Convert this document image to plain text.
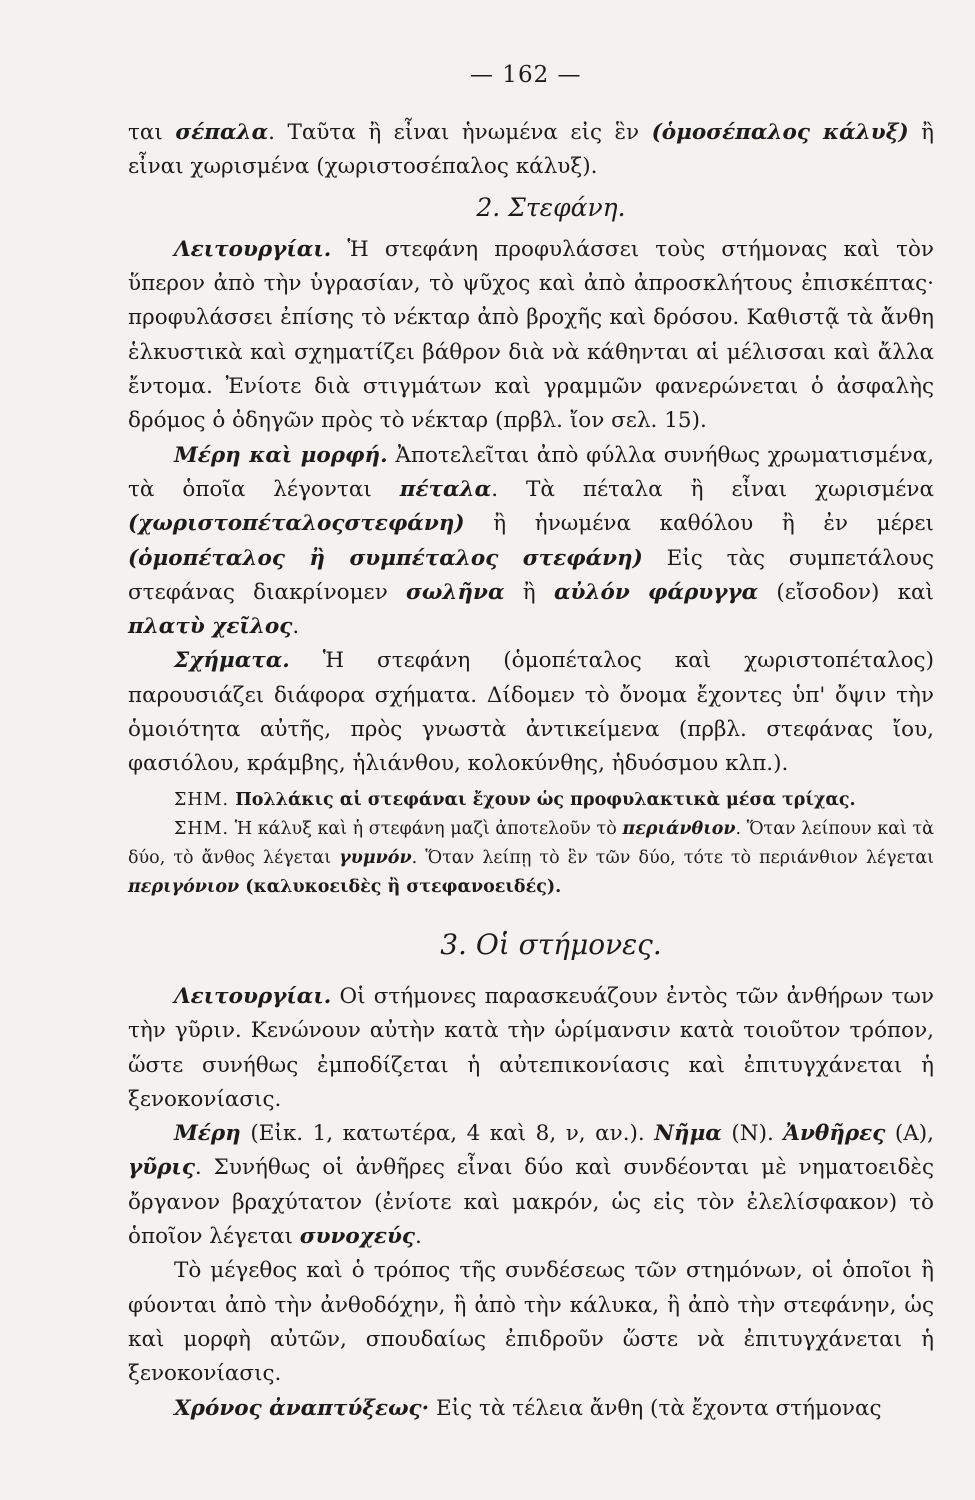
— 162 —

ται σέπαλα. Ταῦτα ἢ εἶναι ἡνωμένα εἰς ἓν (ὁμοσέπαλος κάλυξ) ἢ εἶναι χωρισμένα (χωριστοσέπαλος κάλυξ).

2. Στεφάνη.

Λειτουργίαι. Ἡ στεφάνη προφυλάσσει τοὺς στήμονας καὶ τὸν ὕπερον ἀπὸ τὴν ὑγρασίαν, τὸ ψῦχος καὶ ἀπὸ ἀπροσκλήτους ἐπισκέπτας· προφυλάσσει ἐπίσης τὸ νέκταρ ἀπὸ βροχῆς καὶ δρόσου. Καθιστᾷ τὰ ἄνθη ἑλκυστικὰ καὶ σχηματίζει βάθρον διὰ νὰ κάθηνται αἱ μέλισσαι καὶ ἄλλα ἔντομα. Ἐνίοτε διὰ στιγμάτων καὶ γραμμῶν φανερώνεται ὁ ἀσφαλὴς δρόμος ὁ ὁδηγῶν πρὸς τὸ νέκταρ (πρβλ. ἴον σελ. 15).

Μέρη καὶ μορφή. Ἀποτελεῖται ἀπὸ φύλλα συνήθως χρωματισμένα, τὰ ὁποῖα λέγονται πέταλα. Τὰ πέταλα ἢ εἶναι χωρισμένα (χωριστοπέταλοςστεφάνη) ἢ ἡνωμένα καθόλου ἢ ἐν μέρει (ὁμοπέταλος ἢ συμπέταλος στεφάνη) Εἰς τὰς συμπετάλους στεφάνας διακρίνομεν σωλῆνα ἢ αὐλόν φάρυγγα (εἴσοδον) καὶ πλατὺ χεῖλος.

Σχήματα. Ἡ στεφάνη (ὁμοπέταλος καὶ χωριστοπέταλος) παρουσιάζει διάφορα σχήματα. Δίδομεν τὸ ὄνομα ἔχοντες ὑπ' ὄψιν τὴν ὁμοιότητα αὐτῆς, πρὸς γνωστὰ ἀντικείμενα (πρβλ. στεφάνας ἴου, φασιόλου, κράμβης, ἡλιάνθου, κολοκύνθης, ἡδυόσμου κλπ.).

ΣΗΜ. Πολλάκις αἱ στεφάναι ἔχουν ὡς προφυλακτικὰ μέσα τρίχας.

ΣΗΜ. Ἡ κάλυξ καὶ ἡ στεφάνη μαζὶ ἀποτελοῦν τὸ περιάνθιον. Ὅταν λείπουν καὶ τὰ δύο, τὸ ἄνθος λέγεται γυμνόν. Ὅταν λείπῃ τὸ ἓν τῶν δύο, τότε τὸ περιάνθιον λέγεται περιγόνιον (καλυκοειδὲς ἢ στεφανοειδές).

3. Οἱ στήμονες.

Λειτουργίαι. Οἱ στήμονες παρασκευάζουν ἐντὸς τῶν ἀνθήρων των τὴν γῦριν. Κενώνουν αὐτὴν κατὰ τὴν ὡρίμανσιν κατὰ τοιοῦτον τρόπον, ὥστε συνήθως ἐμποδίζεται ἡ αὐτεπικονίασις καὶ ἐπιτυγχάνεται ἡ ξενοκονίασις.

Μέρη (Εἰκ. 1, κατωτέρα, 4 καὶ 8, ν, αν.). Νῆμα (Ν). Ἀνθῆρες (Α), γῦρις. Συνήθως οἱ ἀνθῆρες εἶναι δύο καὶ συνδέονται μὲ νηματοειδὲς ὄργανον βραχύτατον (ἐνίοτε καὶ μακρόν, ὡς εἰς τὸν ἐλελίσφακον) τὸ ὁποῖον λέγεται συνοχεύς.

Τὸ μέγεθος καὶ ὁ τρόπος τῆς συνδέσεως τῶν στημόνων, οἱ ὁποῖοι ἢ φύονται ἀπὸ τὴν ἀνθοδόχην, ἢ ἀπὸ τὴν κάλυκα, ἢ ἀπὸ τὴν στεφάνην, ὡς καὶ μορφὴ αὐτῶν, σπουδαίως ἐπιδροῦν ὥστε νὰ ἐπιτυγχάνεται ἡ ξενοκονίασις.

Χρόνος ἀναπτύξεως· Εἰς τὰ τέλεια ἄνθη (τὰ ἔχοντα στήμονας
